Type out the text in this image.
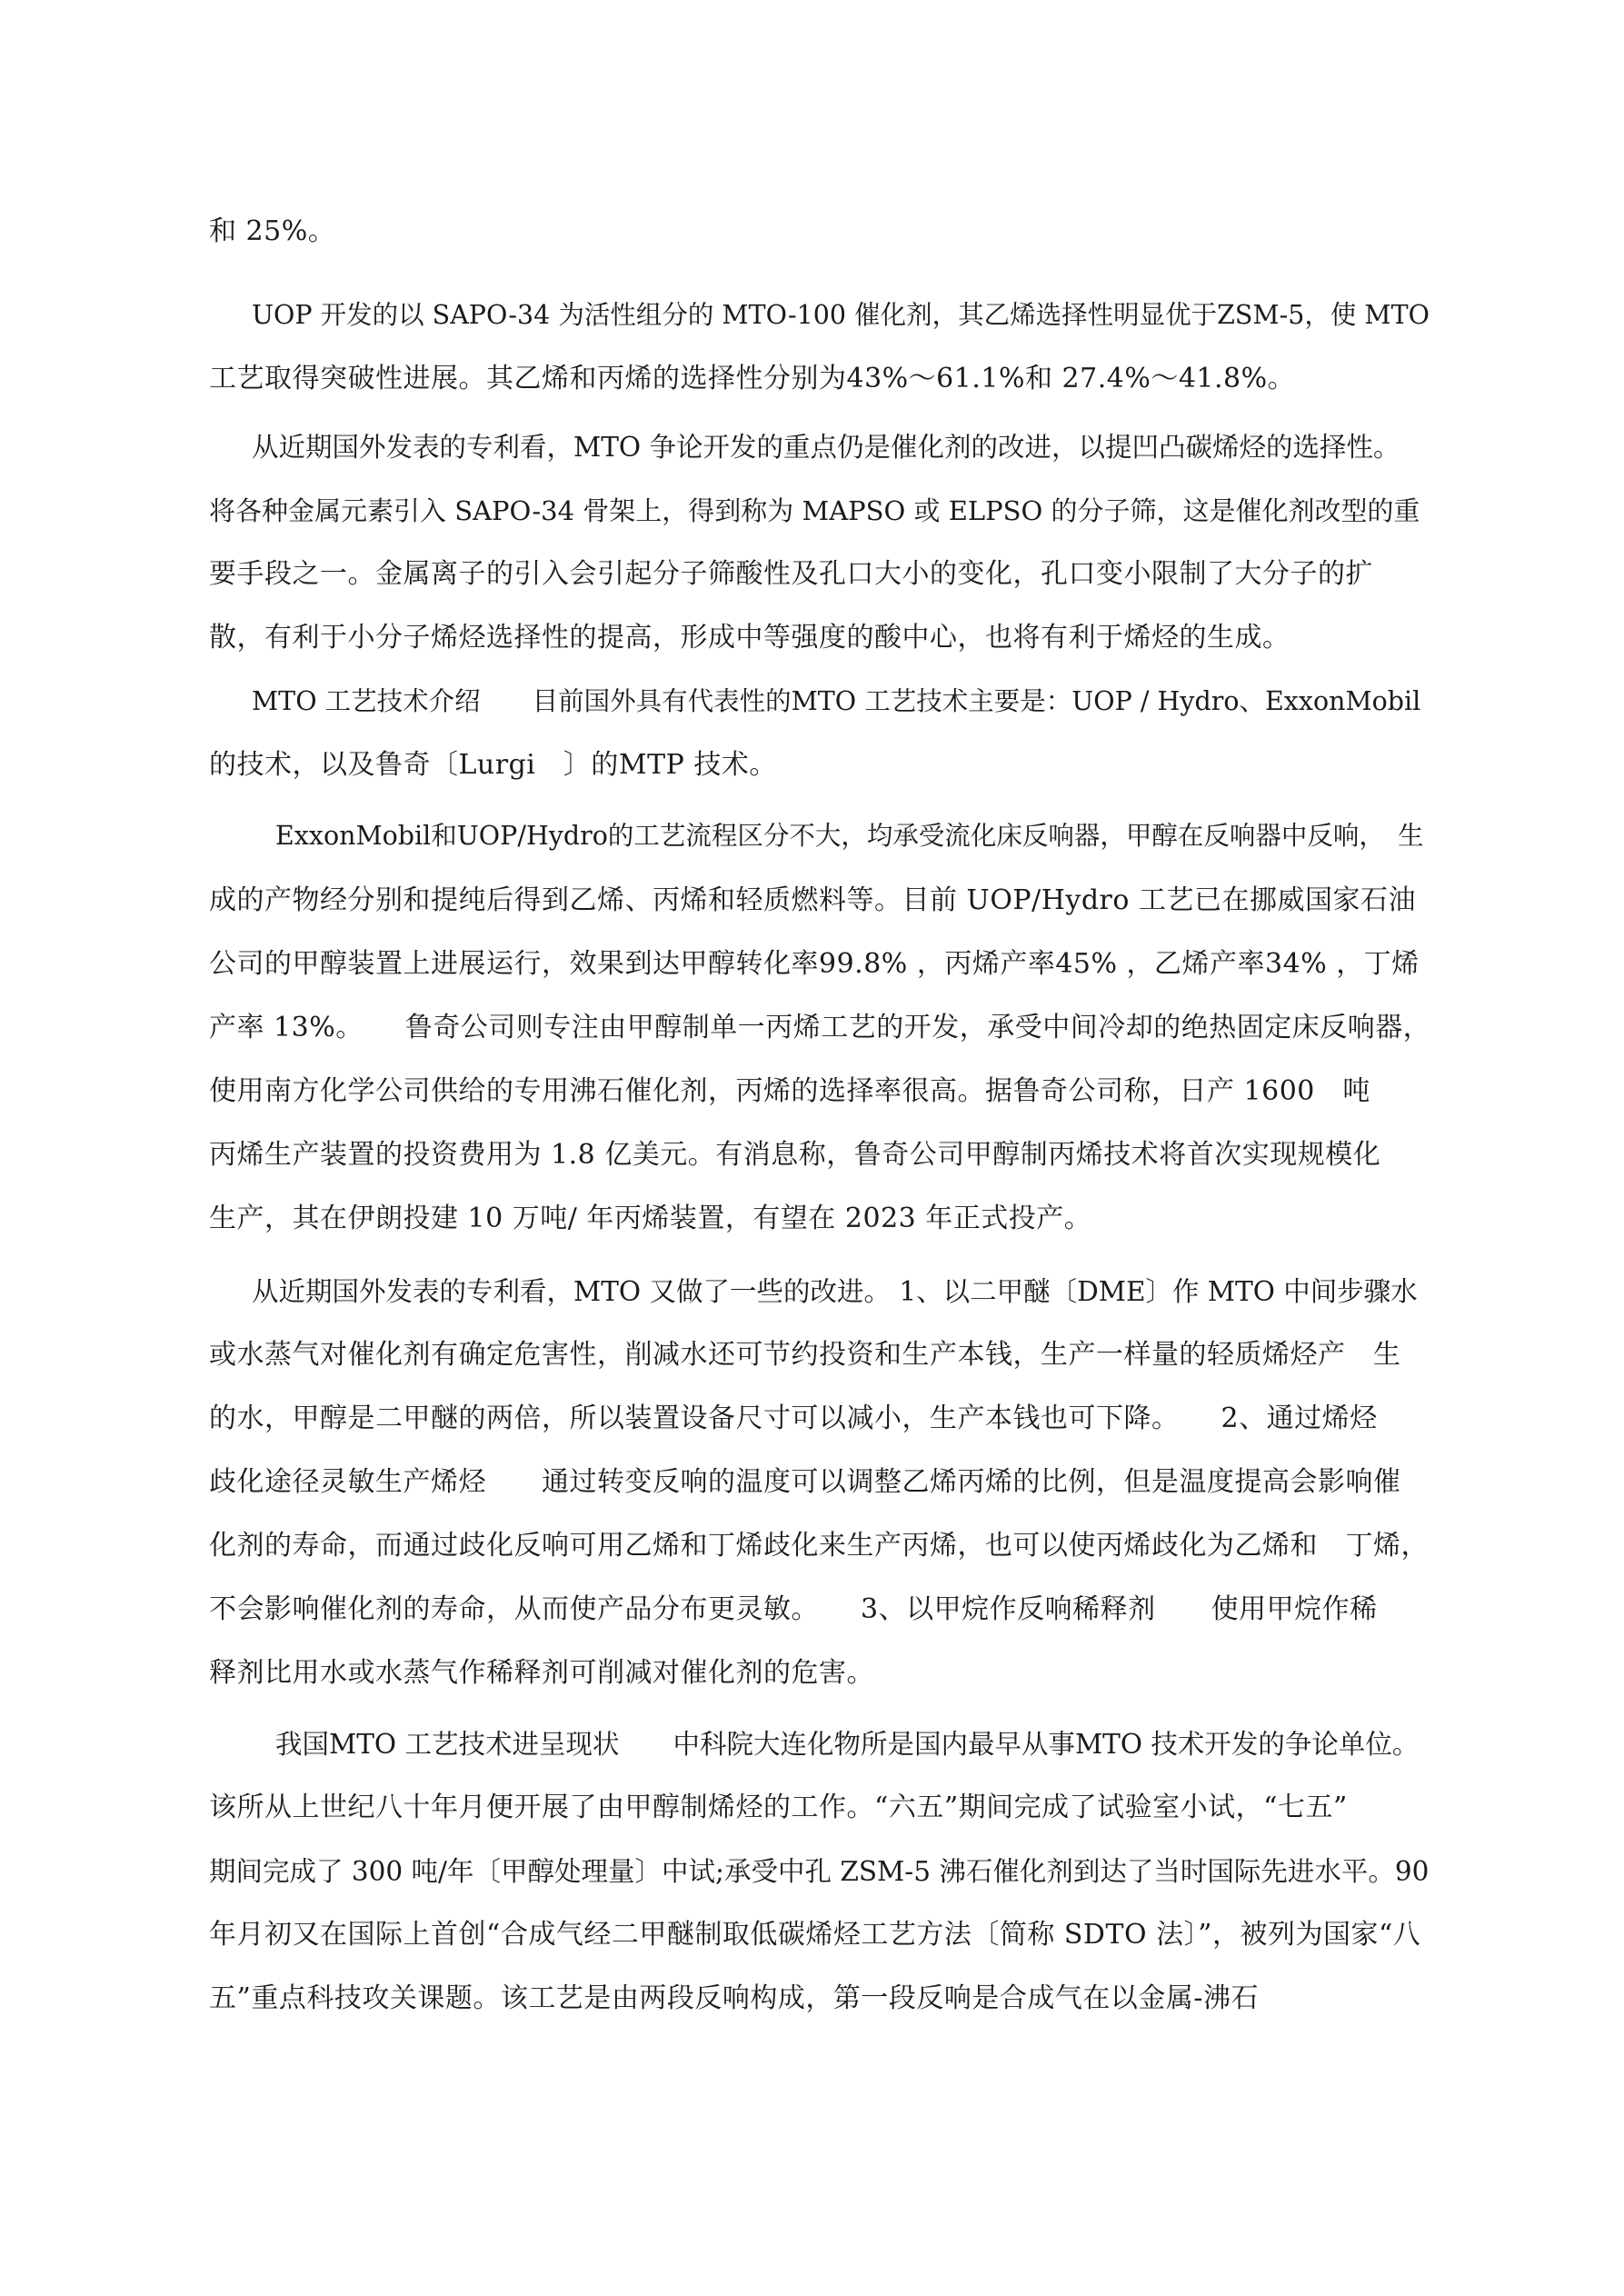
和 25%。
UOP 开发的以 SAPO-34 为活性组分的 MTO-100 催化剂，其乙烯选择性明显优于ZSM-5，使 MTO
工艺取得突破性进展。其乙烯和丙烯的选择性分别为43%～61.1%和 27.4%～41.8%。
从近期国外发表的专利看，MTO 争论开发的重点仍是催化剂的改进，以提凹凸碳烯烃的选择性。
将各种金属元素引入 SAPO-34 骨架上，得到称为 MAPSO 或 ELPSO 的分子筛，这是催化剂改型的重
要手段之一。金属离子的引入会引起分子筛酸性及孔口大小的变化，孔口变小限制了大分子的扩
散，有利于小分子烯烃选择性的提高，形成中等强度的酸中心，也将有利于烯烃的生成。
MTO 工艺技术介绍　　目前国外具有代表性的MTO 工艺技术主要是：UOP / Hydro、ExxonMobil
的技术，以及鲁奇〔Lurgi　〕的MTP 技术。
ExxonMobil和UOP/Hydro的工艺流程区分不大，均承受流化床反响器，甲醇在反响器中反响，　生
成的产物经分别和提纯后得到乙烯、丙烯和轻质燃料等。目前 UOP/Hydro 工艺已在挪威国家石油
公司的甲醇装置上进展运行，效果到达甲醇转化率99.8% ，丙烯产率45% ，乙烯产率34% ，丁烯
产率 13%。　　鲁奇公司则专注由甲醇制单一丙烯工艺的开发，承受中间冷却的绝热固定床反响器，
使用南方化学公司供给的专用沸石催化剂，丙烯的选择率很高。据鲁奇公司称，日产 1600　吨
丙烯生产装置的投资费用为 1.8 亿美元。有消息称，鲁奇公司甲醇制丙烯技术将首次实现规模化
生产，其在伊朗投建 10 万吨/ 年丙烯装置，有望在 2023 年正式投产。
从近期国外发表的专利看，MTO 又做了一些的改进。 1、以二甲醚〔DME〕作 MTO 中间步骤水
或水蒸气对催化剂有确定危害性，削减水还可节约投资和生产本钱，生产一样量的轻质烯烃产　生
的水，甲醇是二甲醚的两倍，所以装置设备尺寸可以减小，生产本钱也可下降。　　2、通过烯烃
歧化途径灵敏生产烯烃　　通过转变反响的温度可以调整乙烯丙烯的比例，但是温度提高会影响催
化剂的寿命，而通过歧化反响可用乙烯和丁烯歧化来生产丙烯，也可以使丙烯歧化为乙烯和　丁烯，
不会影响催化剂的寿命，从而使产品分布更灵敏。　　3、以甲烷作反响稀释剂　　使用甲烷作稀
释剂比用水或水蒸气作稀释剂可削减对催化剂的危害。
我国MTO 工艺技术进呈现状　　中科院大连化物所是国内最早从事MTO 技术开发的争论单位。
该所从上世纪八十年月便开展了由甲醇制烯烃的工作。“六五”期间完成了试验室小试，“七五”
期间完成了 300 吨/年〔甲醇处理量〕中试;承受中孔 ZSM-5 沸石催化剂到达了当时国际先进水平。90
年月初又在国际上首创“合成气经二甲醚制取低碳烯烃工艺方法〔简称 SDTO 法〕”，被列为国家“八
五”重点科技攻关课题。该工艺是由两段反响构成，第一段反响是合成气在以金属-沸石
